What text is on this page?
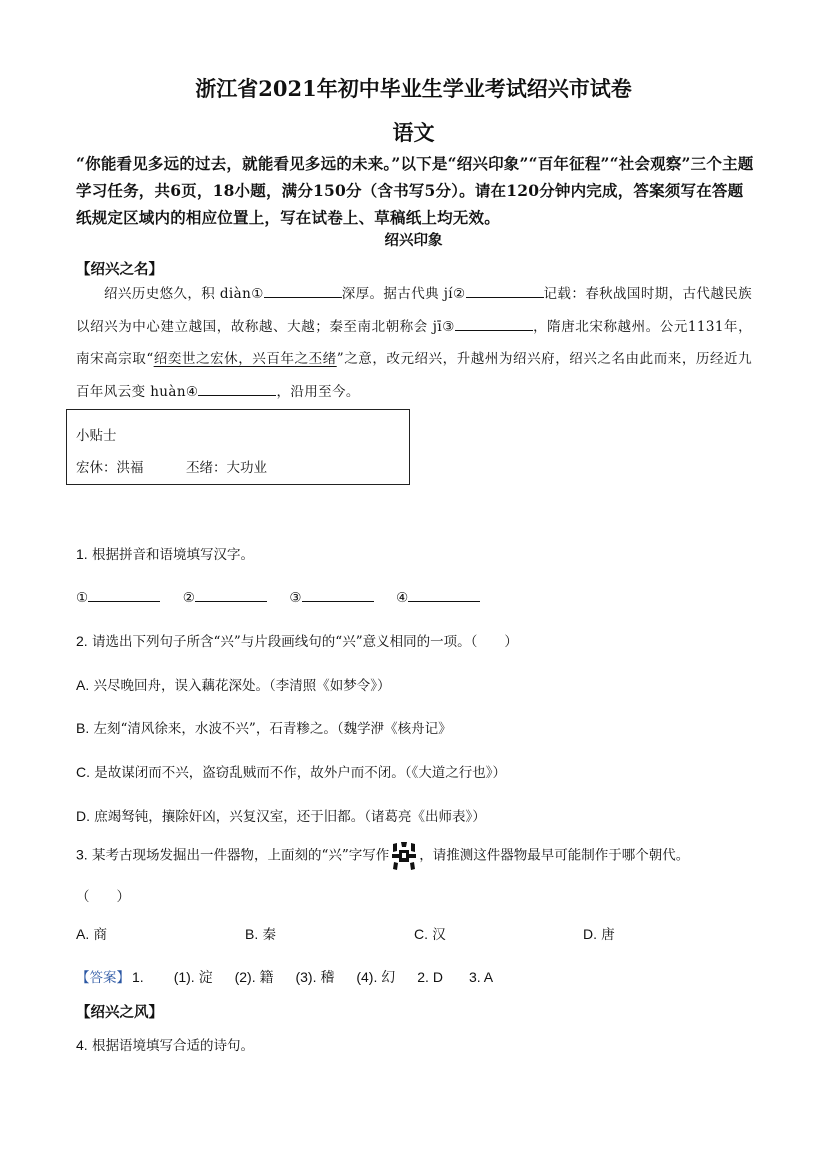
浙江省2021年初中毕业生学业考试绍兴市试卷
语文
“你能看见多远的过去，就能看见多远的未来。”以下是“绍兴印象”“百年征程”“社会观察”三个主题学习任务，共6页，18小题，满分150分（含书写5分）。请在120分钟内完成，答案须写在答题纸规定区域内的相应位置上，写在试卷上、草稿纸上均无效。
绍兴印象
【绍兴之名】
绍兴历史悠久，积 diàn①	深厚。据古代典 jí②	记载：春秋战国时期，古代越民族以绍兴为中心建立越国，故称越、大越；秦至南北朝称会 jī③	，隋唐北宋称越州。公元1131年，南宋高宗取“绍奕世之宏休，兴百年之丕绪”之意，改元绍兴，升越州为绍兴府，绍兴之名由此而来，历经近九百年风云变 huàn④	，沿用至今。
小贴士
宏休：洪福	丕绪：大功业
1. 根据拼音和语境填写汉字。
①	②	③	④
2. 请选出下列句子所含“兴”与片段画线句的“兴”意义相同的一项。（　　）
A. 兴尽晚回舟，误入藕花深处。（李清照《如梦令》）
B. 左刻“清风徐来，水波不兴”，石青糁之。（魏学洢《核舟记》
C. 是故谋闭而不兴，盗窃乱贼而不作，故外户而不闭。（《大道之行也》）
D. 庶竭驽钝，攘除奸凶，兴复汉室，还于旧都。（诸葛亮《出师表》）
3. 某考古现场发掘出一件器物，上面刻的“兴”字写作 ，请推测这件器物最早可能制作于哪个朝代。
（　　）
A. 商	B. 秦	C. 汉	D. 唐
【答案】 1. (1). 淀 (2). 籍 (3). 稽 (4). 幻 2. D 3. A
【绍兴之风】
4. 根据语境填写合适的诗句。
